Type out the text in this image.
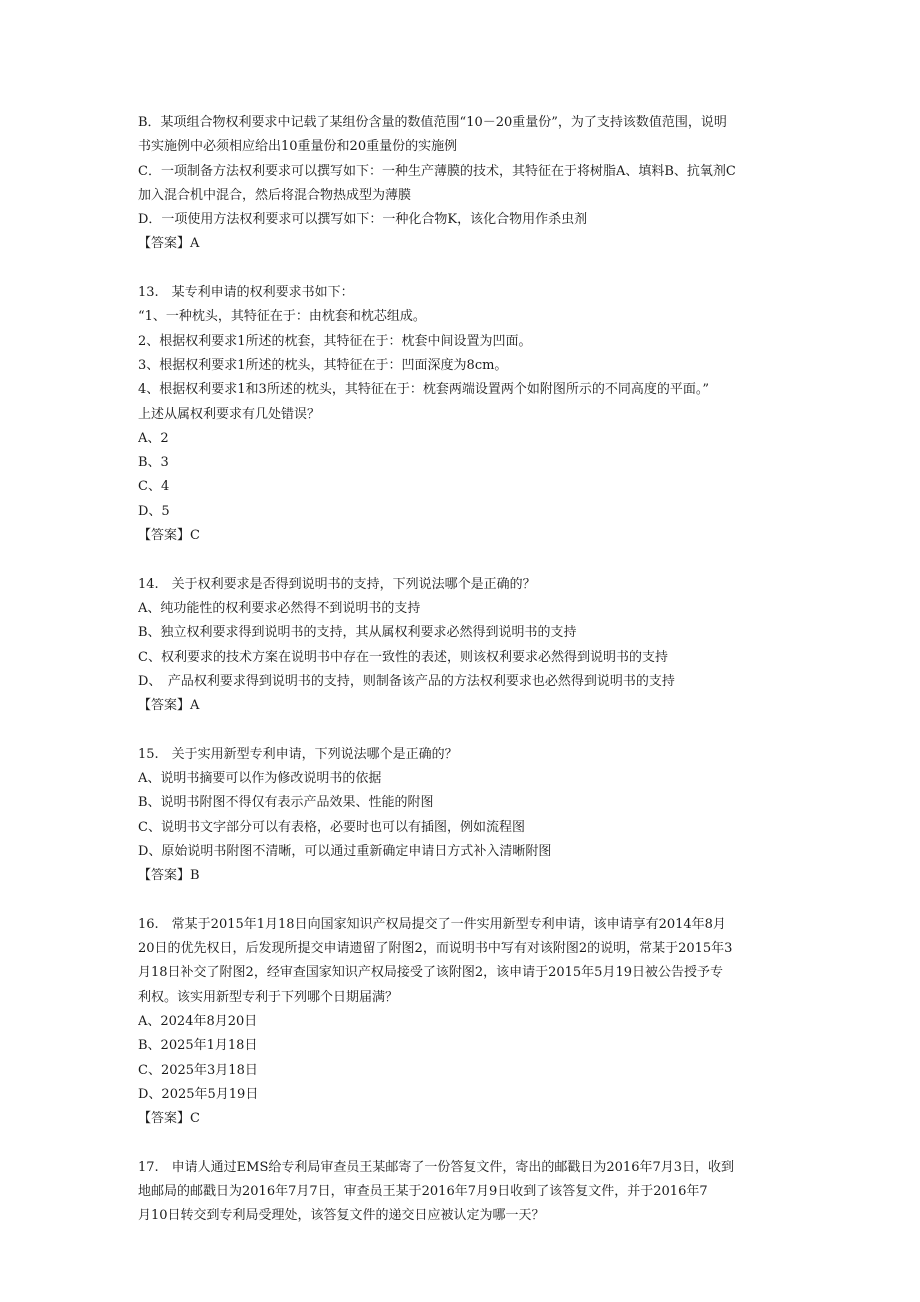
B．某项组合物权利要求中记载了某组份含量的数值范围“10－20重量份”，为了支持该数值范围，说明
书实施例中必须相应给出10重量份和20重量份的实施例
C．一项制备方法权利要求可以撰写如下：一种生产薄膜的技术，其特征在于将树脂A、填料B、抗氧剂C
加入混合机中混合，然后将混合物热成型为薄膜
D．一项使用方法权利要求可以撰写如下：一种化合物K，该化合物用作杀虫剂
【答案】A
13.　某专利申请的权利要求书如下：
“1、一种枕头，其特征在于：由枕套和枕芯组成。
2、根据权利要求1所述的枕套，其特征在于：枕套中间设置为凹面。
3、根据权利要求1所述的枕头，其特征在于：凹面深度为8cm。
4、根据权利要求1和3所述的枕头，其特征在于：枕套两端设置两个如附图所示的不同高度的平面。”
上述从属权利要求有几处错误？
A、2
B、3
C、4
D、5
【答案】C
14.　关于权利要求是否得到说明书的支持，下列说法哪个是正确的？
A、纯功能性的权利要求必然得不到说明书的支持
B、独立权利要求得到说明书的支持，其从属权利要求必然得到说明书的支持
C、权利要求的技术方案在说明书中存在一致性的表述，则该权利要求必然得到说明书的支持
D、　产品权利要求得到说明书的支持，则制备该产品的方法权利要求也必然得到说明书的支持
【答案】A
15.　关于实用新型专利申请，下列说法哪个是正确的？
A、说明书摘要可以作为修改说明书的依据
B、说明书附图不得仅有表示产品效果、性能的附图
C、说明书文字部分可以有表格，必要时也可以有插图，例如流程图
D、原始说明书附图不清晰，可以通过重新确定申请日方式补入清晰附图
【答案】B
16.　常某于2015年1月18日向国家知识产权局提交了一件实用新型专利申请，该申请享有2014年8月
20日的优先权日，后发现所提交申请遗留了附图2，而说明书中写有对该附图2的说明，常某于2015年3
月18日补交了附图2，经审查国家知识产权局接受了该附图2，该申请于2015年5月19日被公告授予专
利权。该实用新型专利于下列哪个日期届满？
A、2024年8月20日
B、2025年1月18日
C、2025年3月18日
D、2025年5月19日
【答案】C
17.　申请人通过EMS给专利局审查员王某邮寄了一份答复文件，寄出的邮戳日为2016年7月3日，收到
地邮局的邮戳日为2016年7月7日，审查员王某于2016年7月9日收到了该答复文件，并于2016年7
月10日转交到专利局受理处，该答复文件的递交日应被认定为哪一天？
